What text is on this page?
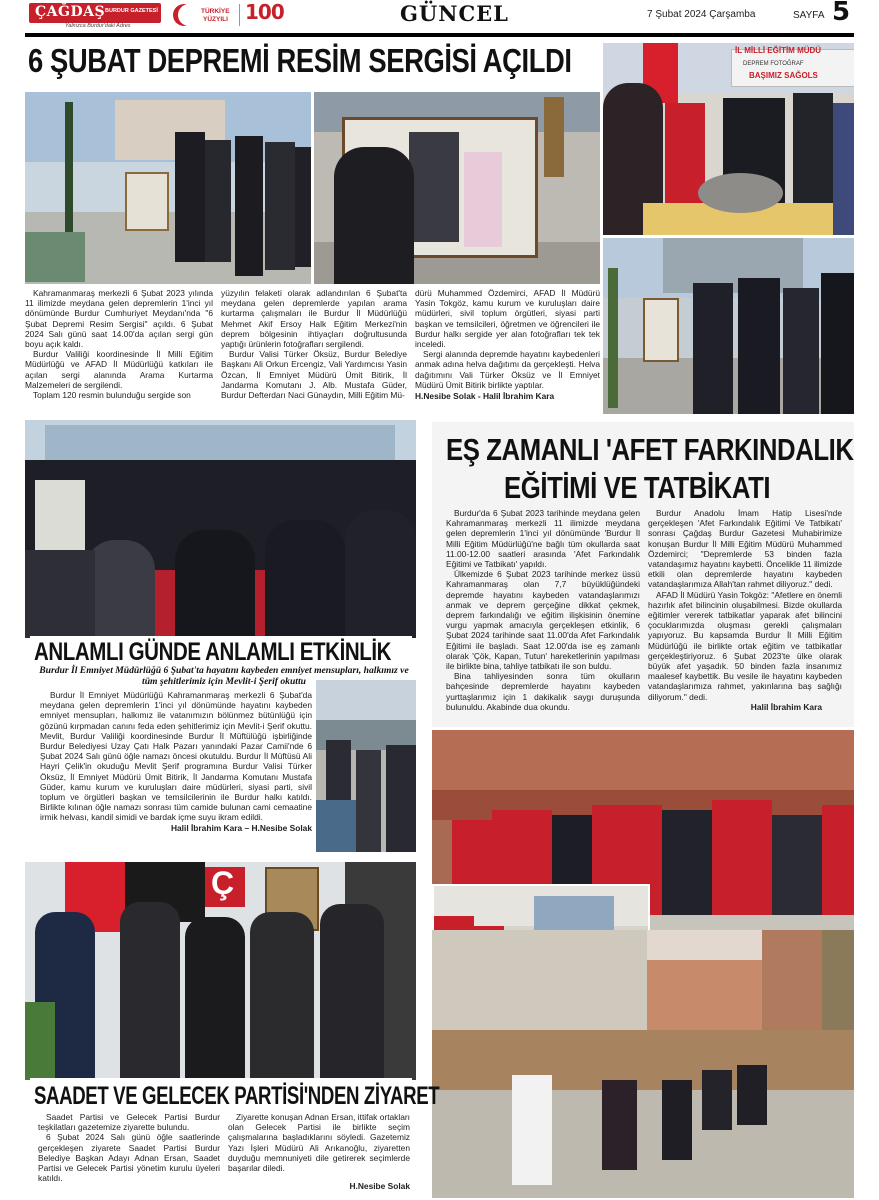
ÇAĞDAŞ BURDUR GAZETESİ
Yalnızca Burdur'daki Adres
TÜRKİYE
YÜZYILI 100	GÜNCEL	7 Şubat 2024 Çarşamba	SAYFA 5
6 ŞUBAT DEPREMİ RESİM SERGİSİ AÇILDI	İL MİLLİ EĞİTİM MÜDÜ
DEPREM FOTOĞRAF
BAŞIMIZ SAĞOLS

Kahramanmaraş merkezli 6 Şubat 2023 yılında 11 ilimizde meydana gelen depremlerin 1'inci yıl dönümünde Burdur Cumhuriyet Meydanı'nda "6 Şubat Depremi Resim Sergisi" açıldı. 6 Şubat 2024 Salı günü saat 14.00'da açılan sergi gün boyu açık kaldı.

Burdur Valiliği koordinesinde İl Milli Eğitim Müdürlüğü ve AFAD İl Müdürlüğü katkıları ile açılan sergi alanında Arama Kurtarma Malzemeleri de sergilendi.

Toplam 120 resmin bulunduğu sergide son

yüzyılın felaketi olarak adlandırılan 6 Şubat'ta meydana gelen depremlerde yapılan arama kurtarma çalışmaları ile Burdur İl Müdürlüğü Mehmet Akif Ersoy Halk Eğitim Merkezi'nin deprem bölgesinin ihtiyaçları doğrultusunda yaptığı ürünlerin fotoğrafları sergilendi.

Burdur Valisi Türker Öksüz, Burdur Belediye Başkanı Ali Orkun Ercengiz, Vali Yardımcısı Yasin Özcan, İl Emniyet Müdürü Ümit Bitirik, İl Jandarma Komutanı J. Alb. Mustafa Güder, Burdur Defterdarı Naci Günaydın, Milli Eğitim Mü-

dürü Muhammed Özdemirci, AFAD İl Müdürü Yasin Tokgöz, kamu kurum ve kuruluşları daire müdürleri, sivil toplum örgütleri, siyasi parti başkan ve temsilcileri, öğretmen ve öğrencileri ile Burdur halkı sergide yer alan fotoğrafları tek tek inceledi.

Sergi alanında depremde hayatını kaybedenleri anmak adına helva dağıtımı da gerçekleşti. Helva dağıtımını Vali Türker Öksüz ve İl Emniyet Müdürü Ümit Bitirik birlikte yaptılar.

H.Nesibe Solak - Halil İbrahim Kara
ANLAMLI GÜNDE ANLAMLI ETKİNLİK
Burdur İl Emniyet Müdürlüğü 6 Şubat'ta hayatını kaybeden emniyet mensupları, halkımız ve tüm şehitlerimiz için Mevlit-i Şerif okuttu

Burdur İl Emniyet Müdürlüğü Kahramanmaraş merkezli 6 Şubat'da meydana gelen depremlerin 1'inci yıl dönümünde hayatını kaybeden emniyet mensupları, halkımız ile vatanımızın bölünmez bütünlüğü için gözünü kırpmadan canını feda eden şehitlerimiz için Mevlit-i Şerif okuttu. Mevlit, Burdur Valiliği koordinesinde Burdur İl Müftülüğü işbirliğinde Burdur Belediyesi Uzay Çatı Halk Pazarı yanındaki Pazar Camii'nde 6 Şubat 2024 Salı günü öğle namazı öncesi okutuldu. Burdur İl Müftüsü Ali Hayri Çelik'in okuduğu Mevlit Şerif programına Burdur Valisi Türker Öksüz, İl Emniyet Müdürü Ümit Bitirik, İl Jandarma Komutanı Mustafa Güder, kamu kurum ve kuruluşları daire müdürleri, siyasi parti, sivil toplum ve örgütleri başkan ve temsilcilerinin ile Burdur halkı katıldı. Birlikte kılınan öğle namazı sonrası tüm camide bulunan cami cemaatine irmik helvası, kandil simidi ve bardak içme suyu ikram edildi.

Halil İbrahim Kara – H.Nesibe Solak
EŞ ZAMANLI 'AFET FARKINDALIK
EĞİTİMİ VE TATBİKATI

Burdur'da 6 Şubat 2023 tarihinde meydana gelen Kahramanmaraş merkezli 11 ilimizde meydana gelen depremlerin 1'inci yıl dönümünde 'Burdur İl Milli Eğitim Müdürlüğü'ne bağlı tüm okullarda saat 11.00-12.00 saatleri arasında 'Afet Farkındalık Eğitimi ve Tatbikatı' yapıldı.

Ülkemizde 6 Şubat 2023 tarihinde merkez üssü Kahramanmaraş olan 7,7 büyüklüğündeki depremde hayatını kaybeden vatandaşlarımızı anmak ve deprem gerçeğine dikkat çekmek, deprem farkındalığı ve eğitim ilişkisinin önemine vurgu yapmak amacıyla gerçekleşen etkinlik, 6 Şubat 2024 tarihinde saat 11.00'da Afet Farkındalık Eğitimi ile başladı. Saat 12.00'da ise eş zamanlı olarak 'Çök, Kapan, Tutun' hareketlerinin yapılması ile birlikte bina, tahliye tatbikatı ile son buldu.

Bina tahliyesinden sonra tüm okulların bahçesinde depremlerde hayatını kaybeden yurttaşlarımız için 1 dakikalık saygı duruşunda bulunuldu. Akabinde dua okundu.

Burdur Anadolu İmam Hatip Lisesi'nde gerçekleşen 'Afet Farkındalık Eğitimi Ve Tatbikatı' sonrası Çağdaş Burdur Gazetesi Muhabirimize konuşan Burdur İl Milli Eğitim Müdürü Muhammed Özdemirci; "Depremlerde 53 binden fazla vatandaşımız hayatını kaybetti. Öncelikle 11 ilimizde etkili olan depremlerde hayatını kaybeden vatandaşlarımıza Allah'tan rahmet diliyoruz." dedi.

AFAD İl Müdürü Yasin Tokgöz: "Afetlere en önemli hazırlık afet bilincinin oluşabilmesi. Bizde okullarda eğitimler vererek tatbikatlar yaparak afet bilincini çocuklarımızda oluşması gerekli çalışmaları yapıyoruz. Bu kapsamda Burdur İl Milli Eğitim Müdürlüğü ile birlikte ortak eğitim ve tatbikatlar gerçekleştiriyoruz. 6 Şubat 2023'te ülke olarak büyük afet yaşadık. 50 binden fazla insanımız maalesef kaybettik. Bu vesile ile hayatını kaybeden vatandaşlarımıza rahmet, yakınlarına baş sağlığı diliyorum." dedi.

Halil İbrahim Kara
Ç
SAADET VE GELECEK PARTİSİ'NDEN ZİYARET

Saadet Partisi ve Gelecek Partisi Burdur teşkilatları gazetemize ziyarette bulundu.

6 Şubat 2024 Salı günü öğle saatlerinde gerçekleşen ziyarete Saadet Partisi Burdur Belediye Başkan Adayı Adnan Ersan, Saadet Partisi ve Gelecek Partisi yönetim kurulu üyeleri katıldı.

Ziyarette konuşan Adnan Ersan, ittifak ortakları olan Gelecek Partisi ile birlikte seçim çalışmalarına başladıklarını söyledi. Gazetemiz Yazı İşleri Müdürü Ali Arıkanoğlu, ziyaretten duyduğu memnuniyeti dile getirerek seçimlerde başarılar diledi.

H.Nesibe Solak
